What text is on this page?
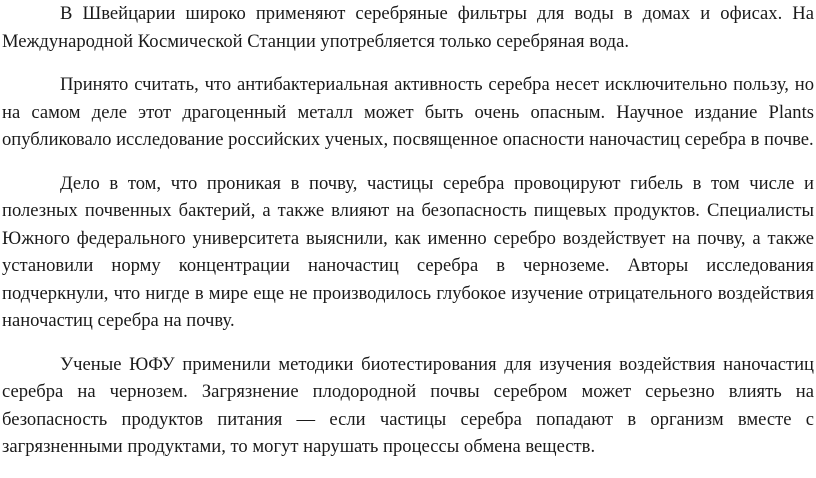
В Швейцарии широко применяют серебряные фильтры для воды в домах и офисах. На Международной Космической Станции употребляется только серебряная вода.

Принято считать, что антибактериальная активность серебра несет исключительно пользу, но на самом деле этот драгоценный металл может быть очень опасным. Научное издание Plants опубликовало исследование российских ученых, посвященное опасности наночастиц серебра в почве.

Дело в том, что проникая в почву, частицы серебра провоцируют гибель в том числе и полезных почвенных бактерий, а также влияют на безопасность пищевых продуктов. Специалисты Южного федерального университета выяснили, как именно серебро воздействует на почву, а также установили норму концентрации наночастиц серебра в черноземе. Авторы исследования подчеркнули, что нигде в мире еще не производилось глубокое изучение отрицательного воздействия наночастиц серебра на почву.

Ученые ЮФУ применили методики биотестирования для изучения воздействия наночастиц серебра на чернозем. Загрязнение плодородной почвы серебром может серьезно влиять на безопасность продуктов питания — если частицы серебра попадают в организм вместе с загрязненными продуктами, то могут нарушать процессы обмена веществ.
